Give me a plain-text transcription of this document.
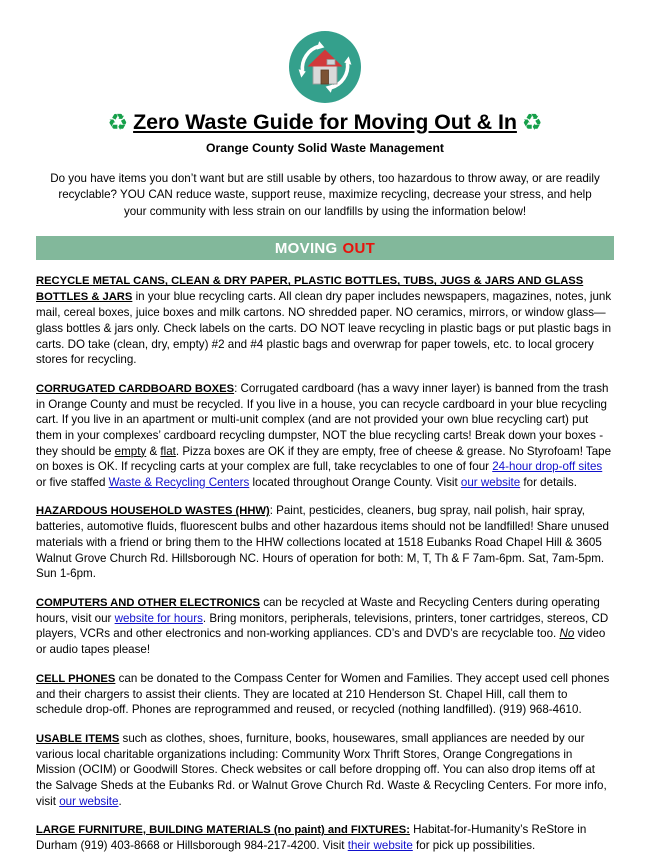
♻ Zero Waste Guide for Moving Out & In ♻
Orange County Solid Waste Management
Do you have items you don’t want but are still usable by others, too hazardous to throw away, or are readily recyclable? YOU CAN reduce waste, support reuse, maximize recycling, decrease your stress, and help your community with less strain on our landfills by using the information below!
MOVING OUT
RECYCLE METAL CANS, CLEAN & DRY PAPER, PLASTIC BOTTLES, TUBS, JUGS & JARS AND GLASS BOTTLES & JARS in your blue recycling carts. All clean dry paper includes newspapers, magazines, notes, junk mail, cereal boxes, juice boxes and milk cartons. NO shredded paper. NO ceramics, mirrors, or window glass—glass bottles & jars only. Check labels on the carts. DO NOT leave recycling in plastic bags or put plastic bags in carts. DO take (clean, dry, empty) #2 and #4 plastic bags and overwrap for paper towels, etc. to local grocery stores for recycling.
CORRUGATED CARDBOARD BOXES: Corrugated cardboard (has a wavy inner layer) is banned from the trash in Orange County and must be recycled. If you live in a house, you can recycle cardboard in your blue recycling cart. If you live in an apartment or multi-unit complex (and are not provided your own blue recycling cart) put them in your complexes’ cardboard recycling dumpster, NOT the blue recycling carts! Break down your boxes - they should be empty & flat. Pizza boxes are OK if they are empty, free of cheese & grease. No Styrofoam! Tape on boxes is OK. If recycling carts at your complex are full, take recyclables to one of four 24-hour drop-off sites or five staffed Waste & Recycling Centers located throughout Orange County. Visit our website for details.
HAZARDOUS HOUSEHOLD WASTES (HHW): Paint, pesticides, cleaners, bug spray, nail polish, hair spray, batteries, automotive fluids, fluorescent bulbs and other hazardous items should not be landfilled! Share unused materials with a friend or bring them to the HHW collections located at 1518 Eubanks Road Chapel Hill & 3605 Walnut Grove Church Rd. Hillsborough NC. Hours of operation for both: M, T, Th & F 7am-6pm. Sat, 7am-5pm. Sun 1-6pm.
COMPUTERS AND OTHER ELECTRONICS can be recycled at Waste and Recycling Centers during operating hours, visit our website for hours. Bring monitors, peripherals, televisions, printers, toner cartridges, stereos, CD players, VCRs and other electronics and non-working appliances. CD’s and DVD’s are recyclable too. No video or audio tapes please!
CELL PHONES can be donated to the Compass Center for Women and Families. They accept used cell phones and their chargers to assist their clients. They are located at 210 Henderson St. Chapel Hill, call them to schedule drop-off. Phones are reprogrammed and reused, or recycled (nothing landfilled). (919) 968-4610.
USABLE ITEMS such as clothes, shoes, furniture, books, housewares, small appliances are needed by our various local charitable organizations including: Community Worx Thrift Stores, Orange Congregations in Mission (OCIM) or Goodwill Stores. Check websites or call before dropping off. You can also drop items off at the Salvage Sheds at the Eubanks Rd. or Walnut Grove Church Rd. Waste & Recycling Centers. For more info, visit our website.
LARGE FURNITURE, BUILDING MATERIALS (no paint) and FIXTURES: Habitat-for-Humanity’s ReStore in Durham (919) 403-8668 or Hillsborough 984-217-4200. Visit their website for pick up possibilities.
